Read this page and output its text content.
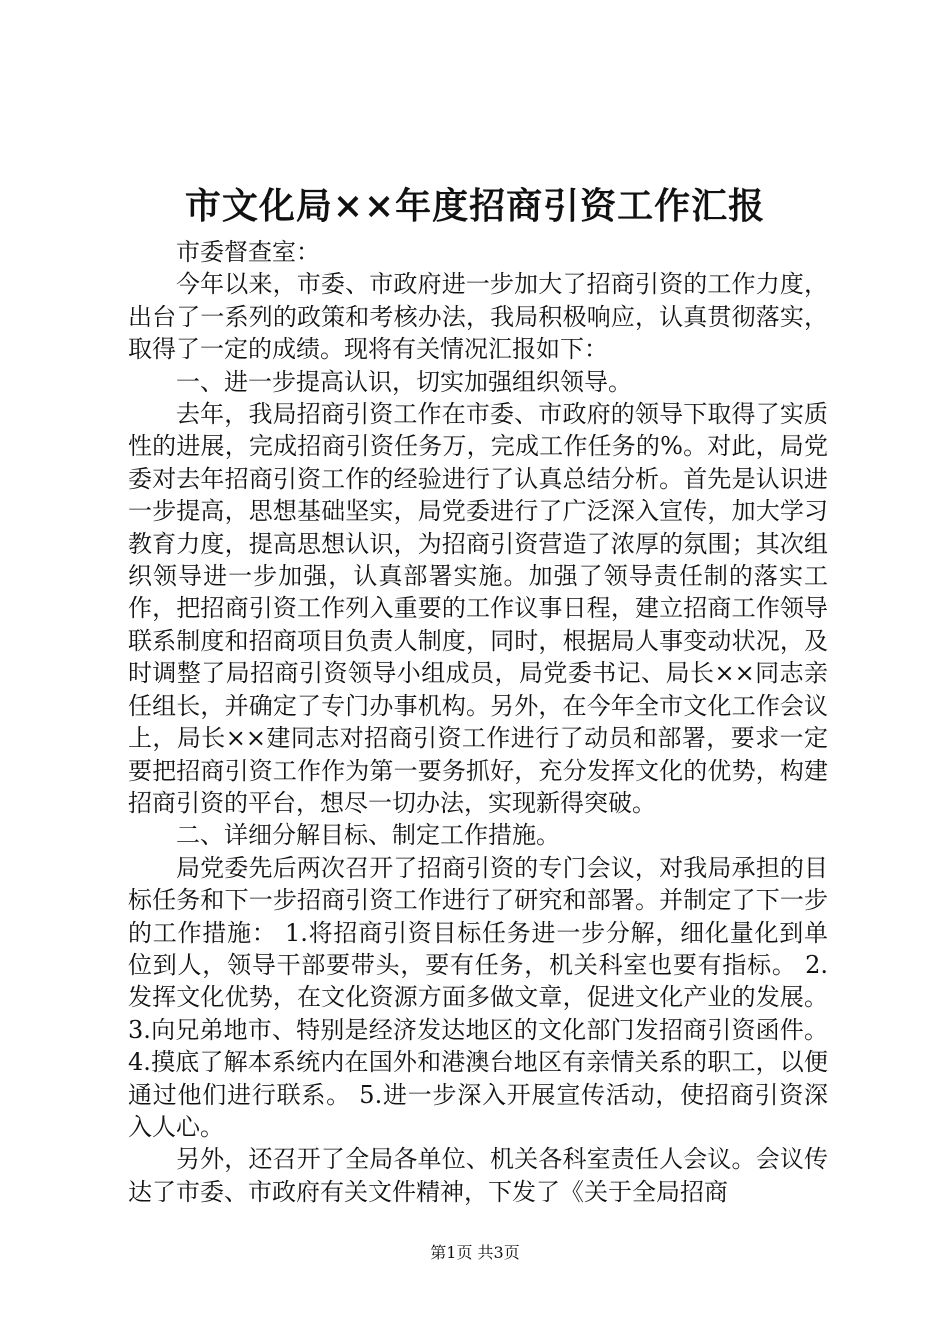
市文化局××年度招商引资工作汇报

市委督查室：

今年以来，市委、市政府进一步加大了招商引资的工作力度，出台了一系列的政策和考核办法，我局积极响应，认真贯彻落实，取得了一定的成绩。现将有关情况汇报如下：

一、进一步提高认识，切实加强组织领导。

去年，我局招商引资工作在市委、市政府的领导下取得了实质性的进展，完成招商引资任务万，完成工作任务的%。对此，局党委对去年招商引资工作的经验进行了认真总结分析。首先是认识进一步提高，思想基础坚实，局党委进行了广泛深入宣传，加大学习教育力度，提高思想认识，为招商引资营造了浓厚的氛围；其次组织领导进一步加强，认真部署实施。加强了领导责任制的落实工作，把招商引资工作列入重要的工作议事日程，建立招商工作领导联系制度和招商项目负责人制度，同时，根据局人事变动状况，及时调整了局招商引资领导小组成员，局党委书记、局长××同志亲任组长，并确定了专门办事机构。另外，在今年全市文化工作会议上，局长××建同志对招商引资工作进行了动员和部署，要求一定要把招商引资工作作为第一要务抓好，充分发挥文化的优势，构建招商引资的平台，想尽一切办法，实现新得突破。

二、详细分解目标、制定工作措施。

局党委先后两次召开了招商引资的专门会议，对我局承担的目标任务和下一步招商引资工作进行了研究和部署。并制定了下一步的工作措施： 1.将招商引资目标任务进一步分解，细化量化到单位到人，领导干部要带头，要有任务，机关科室也要有指标。 2.发挥文化优势，在文化资源方面多做文章，促进文化产业的发展。 3.向兄弟地市、特别是经济发达地区的文化部门发招商引资函件。 4.摸底了解本系统内在国外和港澳台地区有亲情关系的职工，以便通过他们进行联系。 5.进一步深入开展宣传活动，使招商引资深入人心。

另外，还召开了全局各单位、机关各科室责任人会议。会议传达了市委、市政府有关文件精神，下发了《关于全局招商

第1页 共3页
